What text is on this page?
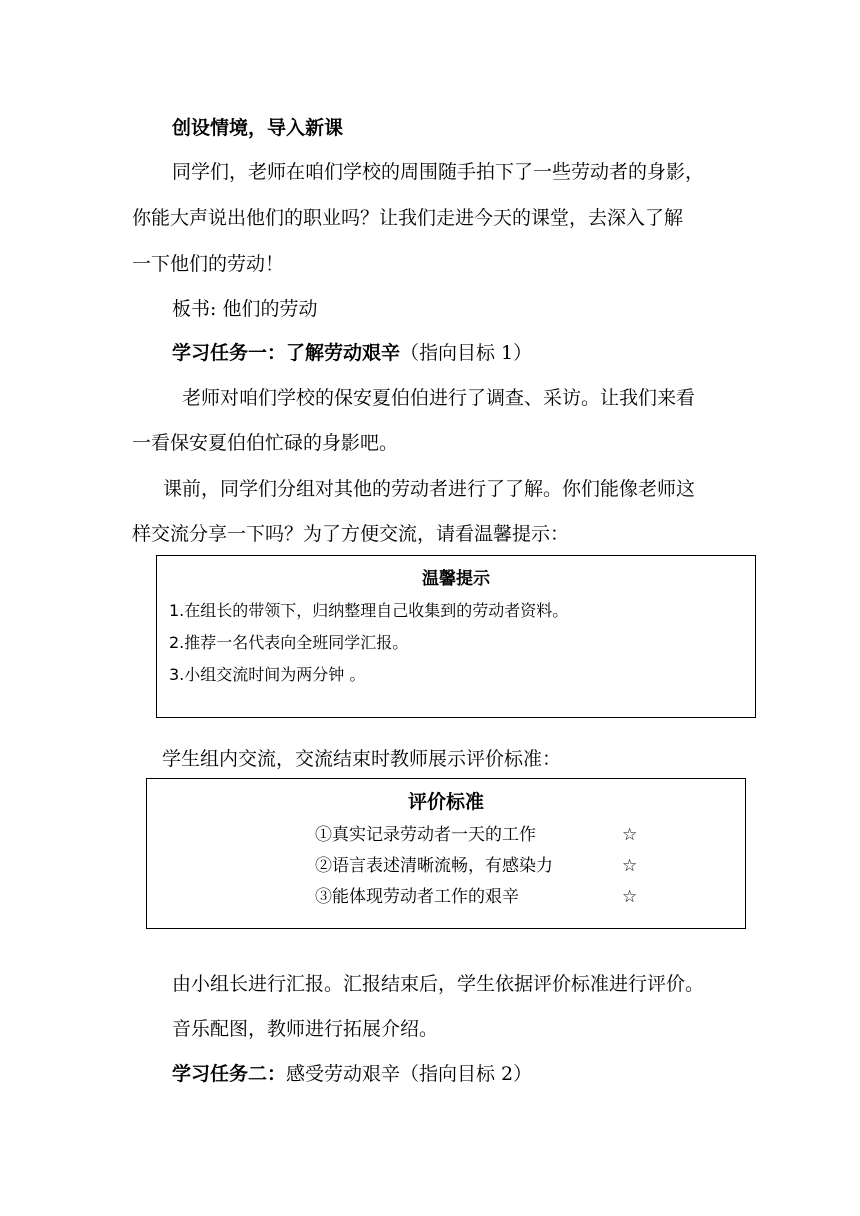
创设情境，导入新课

同学们，老师在咱们学校的周围随手拍下了一些劳动者的身影，

你能大声说出他们的职业吗？让我们走进今天的课堂，去深入了解

一下他们的劳动！

板书: 他们的劳动

学习任务一：了解劳动艰辛（指向目标 1）

老师对咱们学校的保安夏伯伯进行了调查、采访。让我们来看

一看保安夏伯伯忙碌的身影吧。

课前，同学们分组对其他的劳动者进行了了解。你们能像老师这

样交流分享一下吗？为了方便交流，请看温馨提示：

温馨提示
1.在组长的带领下，归纳整理自己收集到的劳动者资料。
2.推荐一名代表向全班同学汇报。
3.小组交流时间为两分钟 。

学生组内交流，交流结束时教师展示评价标准：

评价标准
①真实记录劳动者一天的工作	☆
②语言表述清晰流畅，有感染力	☆
③能体现劳动者工作的艰辛	☆

由小组长进行汇报。汇报结束后，学生依据评价标准进行评价。

音乐配图，教师进行拓展介绍。

学习任务二：感受劳动艰辛（指向目标 2）
